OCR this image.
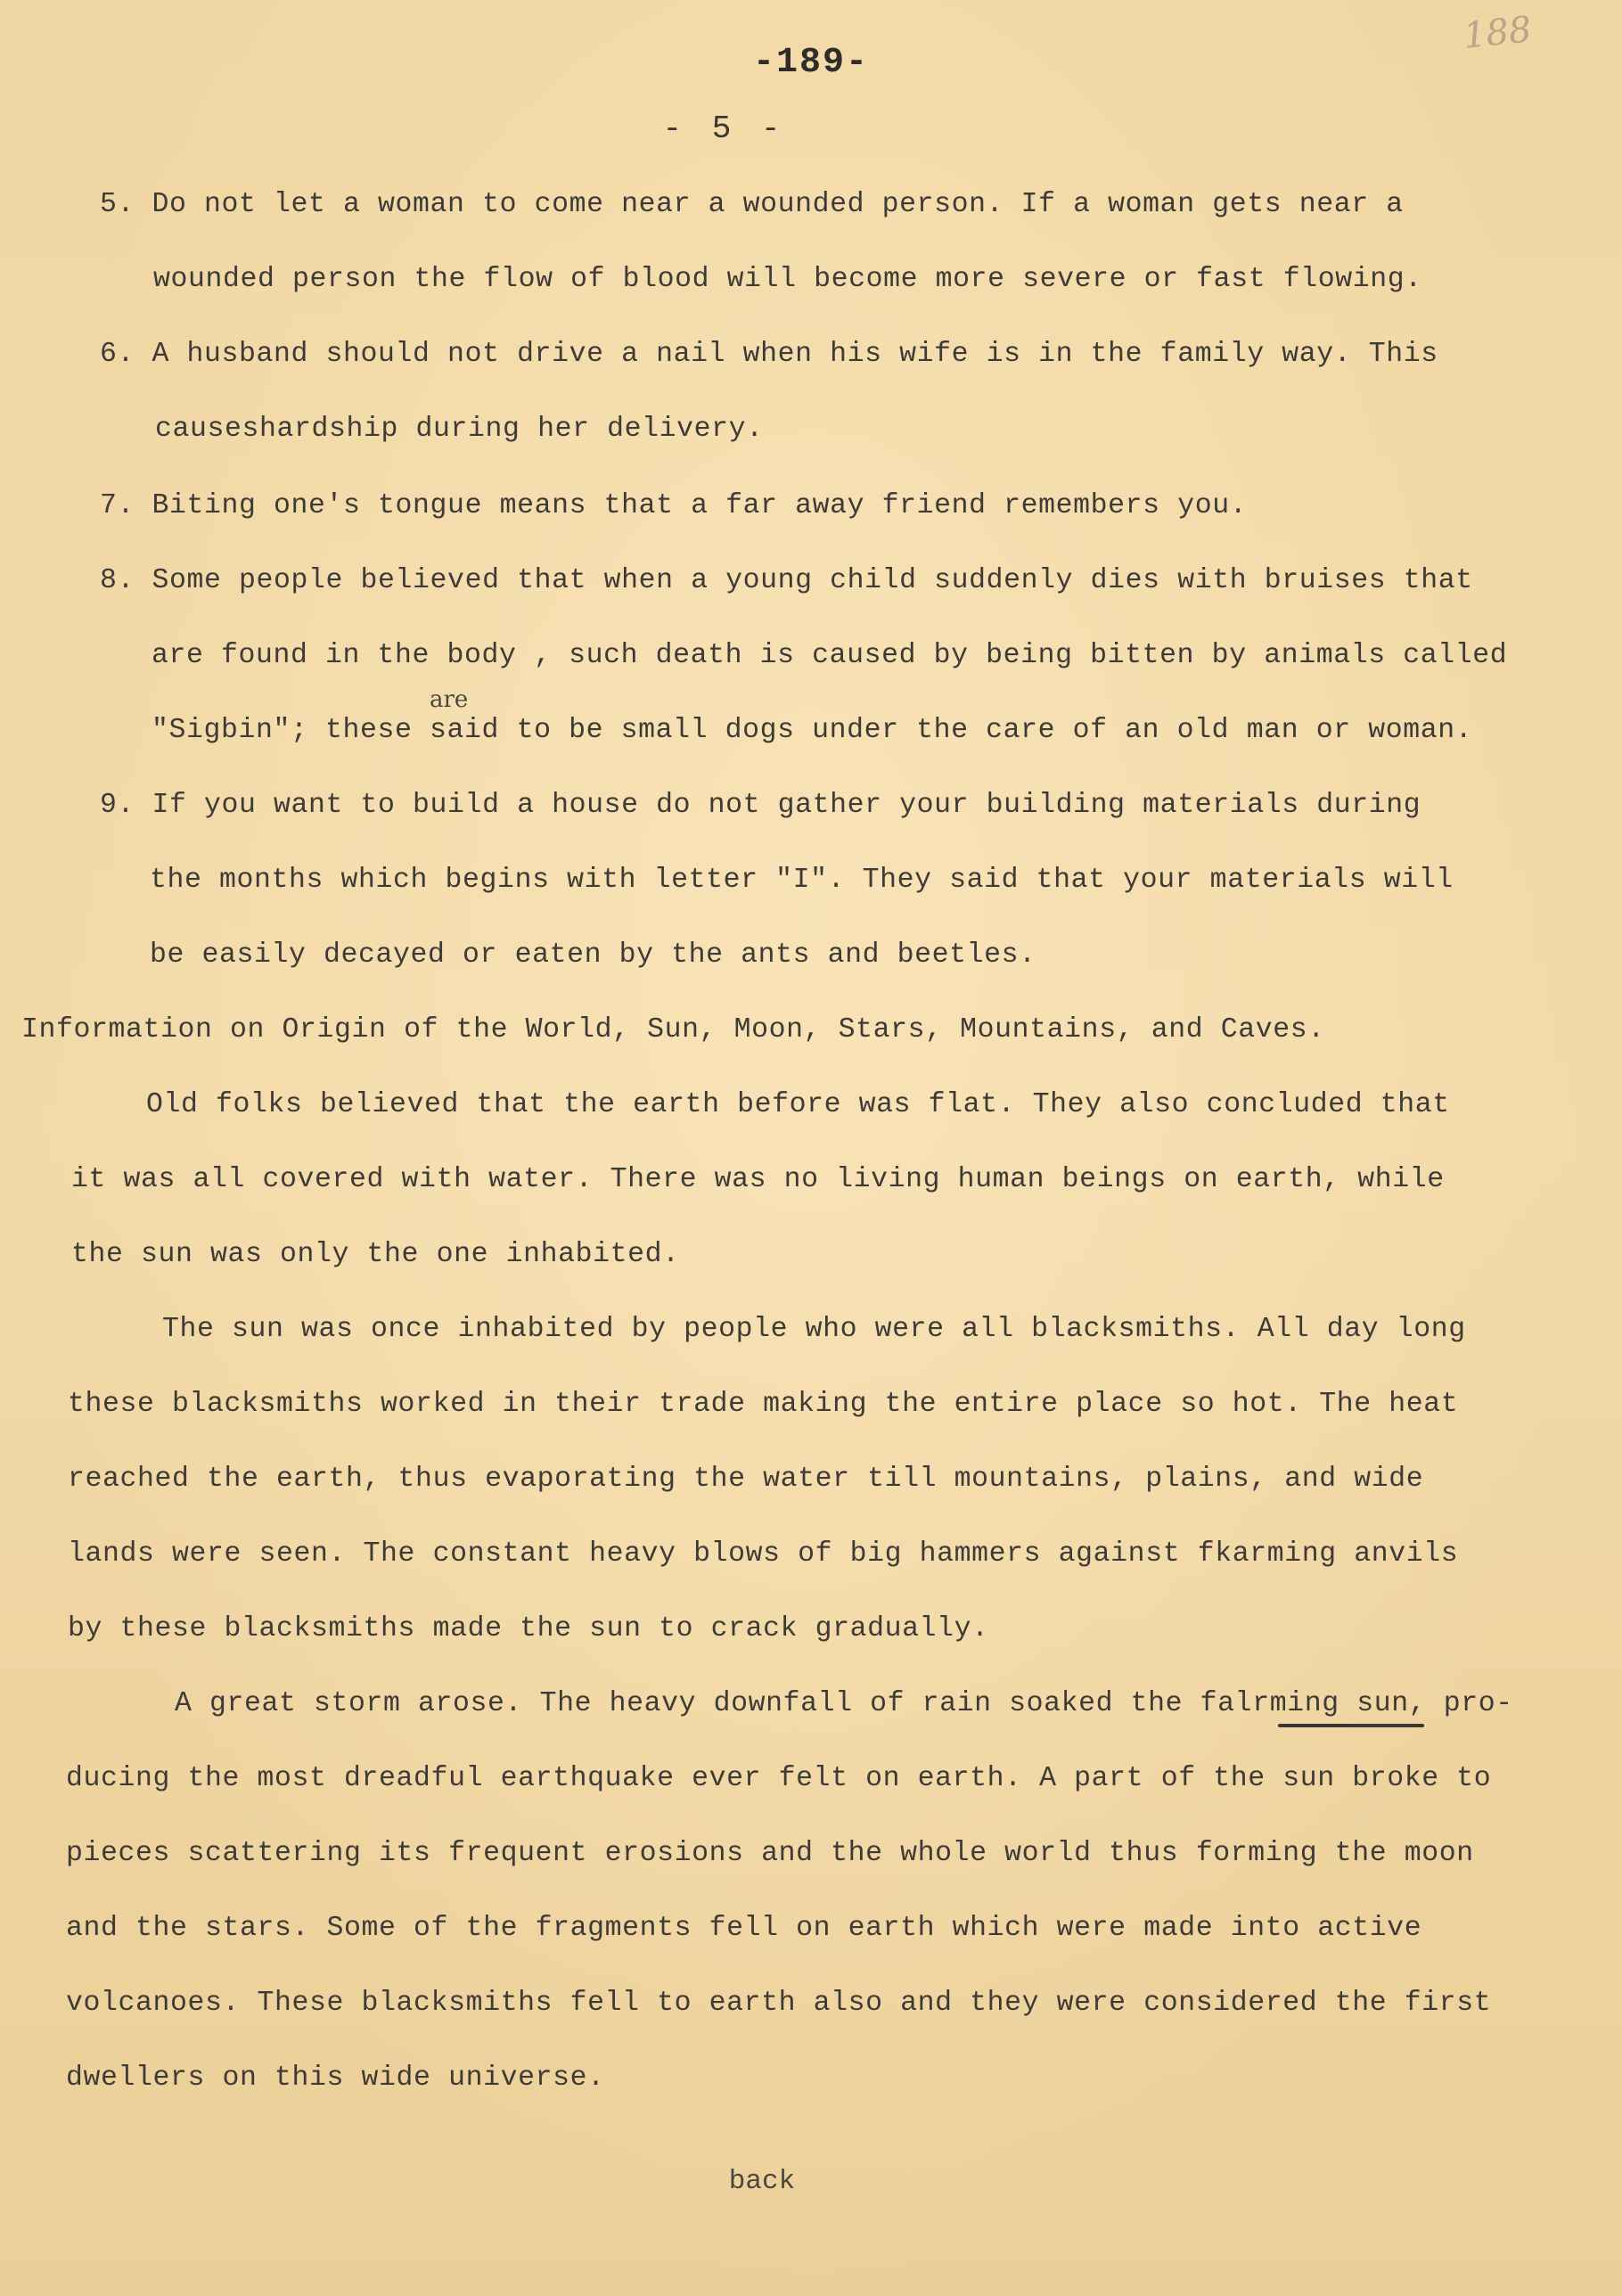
188
-189-
- 5 -
5. Do not let a woman to come near a wounded person. If a woman gets near a
wounded person the flow of blood will become more severe or fast flowing.
6. A husband should not drive a nail when his wife is in the family way. This
causeshardship during her delivery.
7. Biting one's tongue means that a far away friend remembers you.
8. Some people believed that when a young child suddenly dies with bruises that
are found in the body , such death is caused by being bitten by animals called
"Sigbin"; these said to be small dogs under the care of an old man or woman.
are
9. If you want to build a house do not gather your building materials during
the months which begins with letter "I". They said that your materials will
be easily decayed or eaten by the ants and beetles.
Information on Origin of the World, Sun, Moon, Stars, Mountains, and Caves.
Old folks believed that the earth before was flat. They also concluded that
it was all covered with water. There was no living human beings on earth, while
the sun was only the one inhabited.
The sun was once inhabited by people who were all blacksmiths. All day long
these blacksmiths worked in their trade making the entire place so hot. The heat
reached the earth, thus evaporating the water till mountains, plains, and wide
lands were seen. The constant heavy blows of big hammers against fkarming anvils
by these blacksmiths made the sun to crack gradually.
A great storm arose. The heavy downfall of rain soaked the falrming sun, pro-
ducing the most dreadful earthquake ever felt on earth. A part of the sun broke to
pieces scattering its frequent erosions and the whole world thus forming the moon
and the stars. Some of the fragments fell on earth which were made into active
volcanoes. These blacksmiths fell to earth also and they were considered the first
dwellers on this wide universe.
back
